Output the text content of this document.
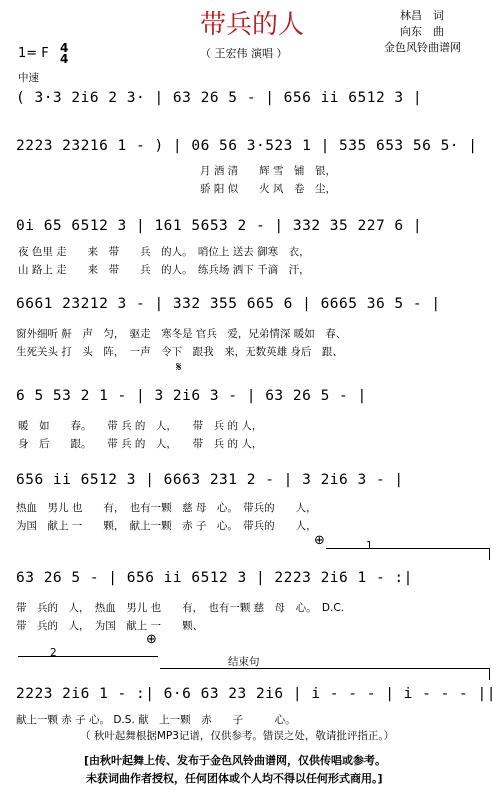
带兵的人	林昌　词
向东　曲
金色风铃曲谱网
（ 王宏伟 演唱 ）
1= F 4
4
中速
( 3·3 2i6 2 3· | 63 26 5 - | 656 ii 6512 3 |
2223 23216 1 - ) | 06 56 3·523 1 | 535 653 56 5· |
月 酒 清　　辉 雪　铺　银，
骄 阳 似　　火 风　卷　尘，
0i 65 6512 3 | 161 5653 2 - | 332 35 227 6 |
夜 色里 走　　来　带　　兵　的人。　哨位上 送去 御寒　衣，
山 路上 走　　来　带　　兵　的人。　练兵场 洒下 千滴　汗，
6661 23212 3 - | 332 355 665 6 | 6665 36 5 - |
窗外细听 鼾　声　匀，　驱走　寒冬是 官兵　爱，兄弟情深 暖如　春、
生死关头 打　头　阵，　一声　令下　跟我　来，无数英雄 身后　跟、
𝄋
6 5 53 2 1 - | 3 2i6 3 - | 63 26 5 - |
暖　如　　春。　　带 兵 的　人，　　带　兵 的 人，
身　后　　跟。　　带 兵 的　人，　　带　兵 的 人，
656 ii 6512 3 | 6663 231 2 - | 3 2i6 3 - |
热血　男儿 也　　有，　也有一颗　慈 母　心。　带兵的　　人，
为国　献上 一　　颗，　献上一颗　赤 子　心。　带兵的　　人，
⊕	1
63 26 5 - | 656 ii 6512 3 | 2223 2i6 1 - :|
带　兵的　人，　热血　男儿 也　　有，　也有一颗 慈　母　心。　D.C.
带　兵的　人，　为国　献上 一　　颗、
2
⊕
结束句
2223 2i6 1 - :| 6·6 63 23 2i6 | i - - - | i - - - ||
献上一颗 赤 子 心。 D.S. 献　上一颗　赤　　子　　　心。
（ 秋叶起舞根据MP3记谱，仅供参考。错误之处，敬请批评指正。）
[由秋叶起舞上传、发布于金色风铃曲谱网，仅供传唱或参考。
未获词曲作者授权，任何团体或个人均不得以任何形式商用。]
